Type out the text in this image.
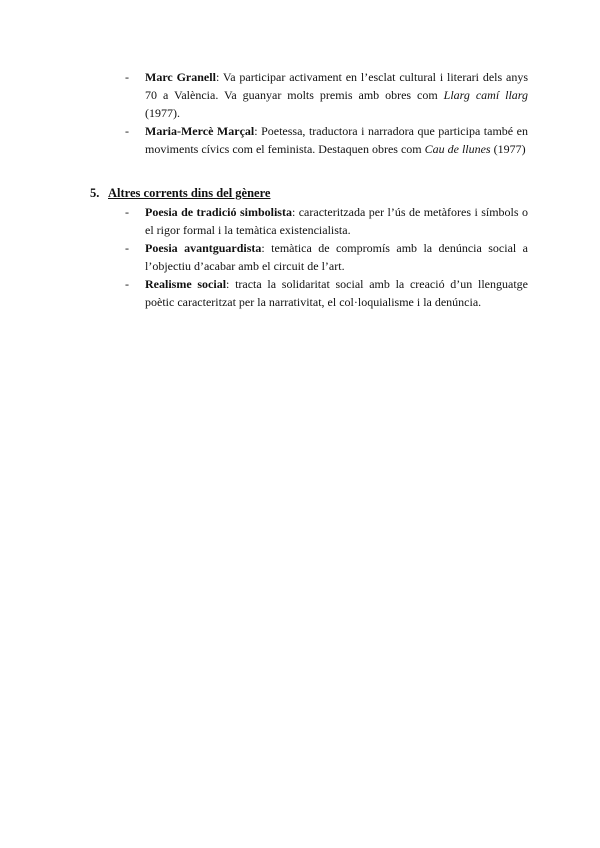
- Marc Granell: Va participar activament en l’esclat cultural i literari dels anys 70 a València. Va guanyar molts premis amb obres com Llarg camí llarg (1977).
- Maria-Mercè Marçal: Poetessa, traductora i narradora que participa també en moviments cívics com el feminista. Destaquen obres com Cau de llunes (1977)
5. Altres corrents dins del gènere
- Poesia de tradició simbolista: caracteritzada per l’ús de metàfores i símbols o el rigor formal i la temàtica existencialista.
- Poesia avantguardista: temàtica de compromís amb la denúncia social a l’objectiu d’acabar amb el circuit de l’art.
- Realisme social: tracta la solidaritat social amb la creació d’un llenguatge poètic caracteritzat per la narrativitat, el col·loquialisme i la denúncia.
